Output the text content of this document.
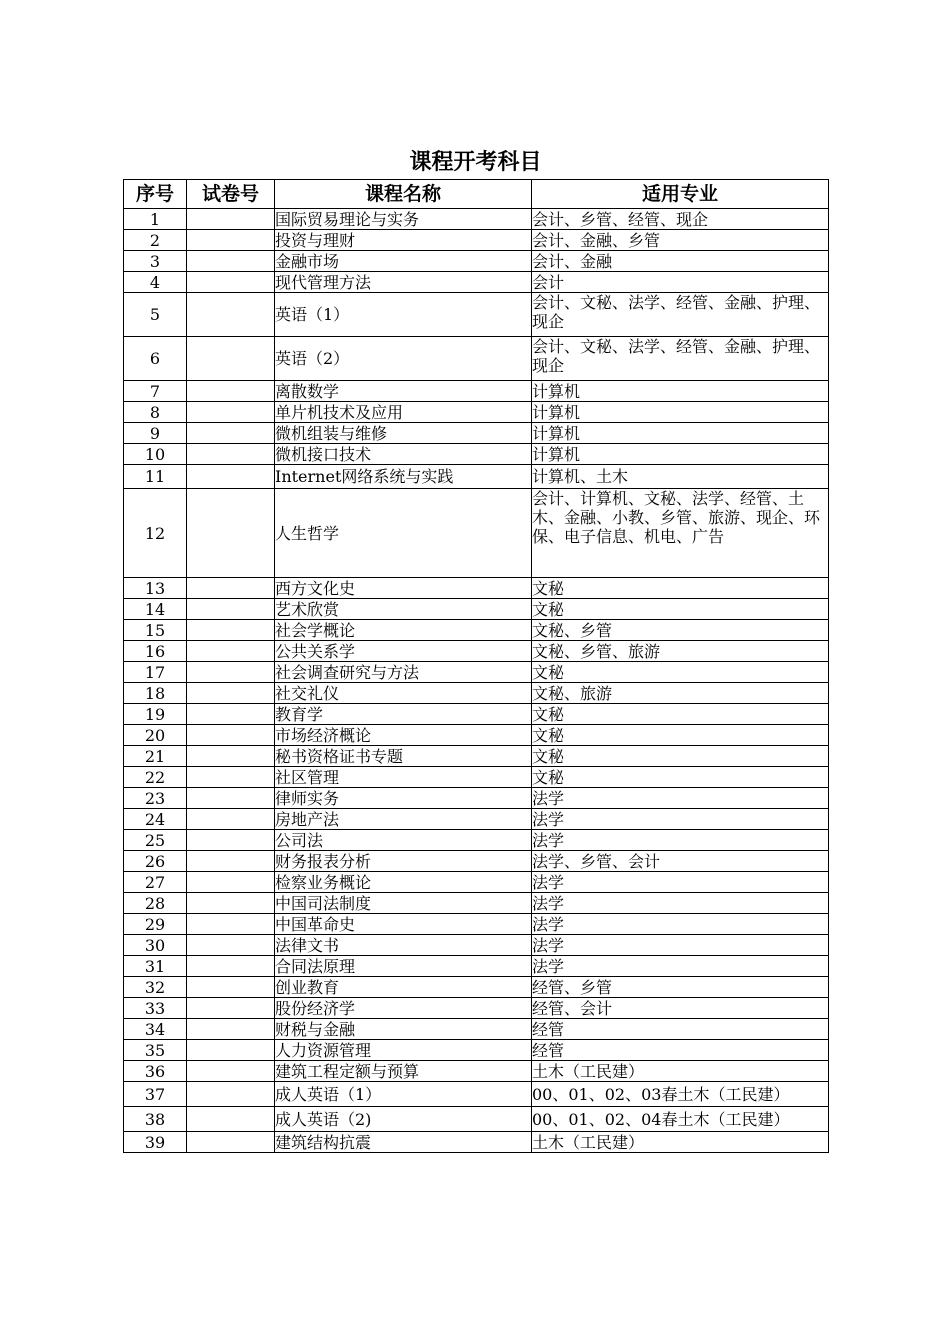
课程开考科目
序号	试卷号	课程名称	适用专业
1		国际贸易理论与实务	会计、乡管、经管、现企
2		投资与理财	会计、金融、乡管
3		金融市场	会计、金融
4		现代管理方法	会计
5		英语（1）	会计、文秘、法学、经管、金融、护理、现企
6		英语（2）	会计、文秘、法学、经管、金融、护理、现企
7		离散数学	计算机
8		单片机技术及应用	计算机
9		微机组装与维修	计算机
10		微机接口技术	计算机
11		Internet网络系统与实践	计算机、土木
12		人生哲学	会计、计算机、文秘、法学、经管、土木、金融、小教、乡管、旅游、现企、环保、电子信息、机电、广告
13		西方文化史	文秘
14		艺术欣赏	文秘
15		社会学概论	文秘、乡管
16		公共关系学	文秘、乡管、旅游
17		社会调查研究与方法	文秘
18		社交礼仪	文秘、旅游
19		教育学	文秘
20		市场经济概论	文秘
21		秘书资格证书专题	文秘
22		社区管理	文秘
23		律师实务	法学
24		房地产法	法学
25		公司法	法学
26		财务报表分析	法学、乡管、会计
27		检察业务概论	法学
28		中国司法制度	法学
29		中国革命史	法学
30		法律文书	法学
31		合同法原理	法学
32		创业教育	经管、乡管
33		股份经济学	经管、会计
34		财税与金融	经管
35		人力资源管理	经管
36		建筑工程定额与预算	土木（工民建）
37		成人英语（1）	00、01、02、03春土木（工民建）
38		成人英语（2)	00、01、02、04春土木（工民建）
39		建筑结构抗震	土木（工民建）
